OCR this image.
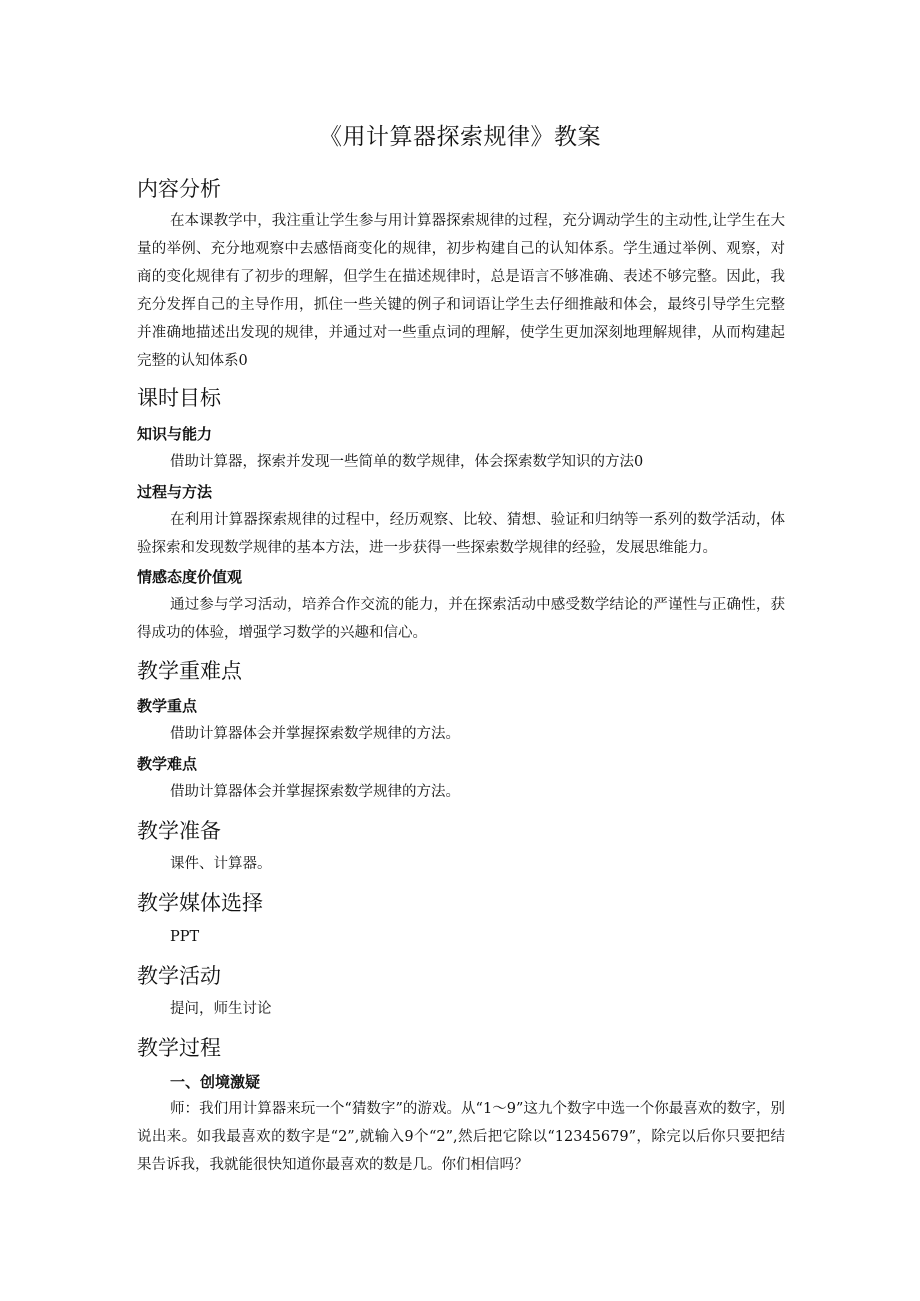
《用计算器探索规律》教案
内容分析

在本课教学中，我注重让学生参与用计算器探索规律的过程，充分调动学生的主动性,让学生在大量的举例、充分地观察中去感悟商变化的规律，初步构建自己的认知体系。学生通过举例、观察，对商的变化规律有了初步的理解，但学生在描述规律时，总是语言不够准确、表述不够完整。因此，我充分发挥自己的主导作用，抓住一些关键的例子和词语让学生去仔细推敲和体会，最终引导学生完整并准确地描述出发现的规律，并通过对一些重点词的理解，使学生更加深刻地理解规律，从而构建起完整的认知体系0

课时目标
知识与能力
借助计算器，探索并发现一些简单的数学规律，体会探索数学知识的方法0
过程与方法

在利用计算器探索规律的过程中，经历观察、比较、猜想、验证和归纳等一系列的数学活动，体验探索和发现数学规律的基本方法，进一步获得一些探索数学规律的经验，发展思维能力。

情感态度价值观

通过参与学习活动，培养合作交流的能力，并在探索活动中感受数学结论的严谨性与正确性，获得成功的体验，增强学习数学的兴趣和信心。

教学重难点
教学重点
借助计算器体会并掌握探索数学规律的方法。
教学难点
借助计算器体会并掌握探索数学规律的方法。
教学准备
课件、计算器。
教学媒体选择
PPT
教学活动
提问，师生讨论
教学过程
一、创境激疑

师：我们用计算器来玩一个“猜数字”的游戏。从“1～9”这九个数字中选一个你最喜欢的数字，别说出来。如我最喜欢的数字是“2”,就输入9个“2”,然后把它除以“12345679”，除完以后你只要把结果告诉我，我就能很快知道你最喜欢的数是几。你们相信吗？
